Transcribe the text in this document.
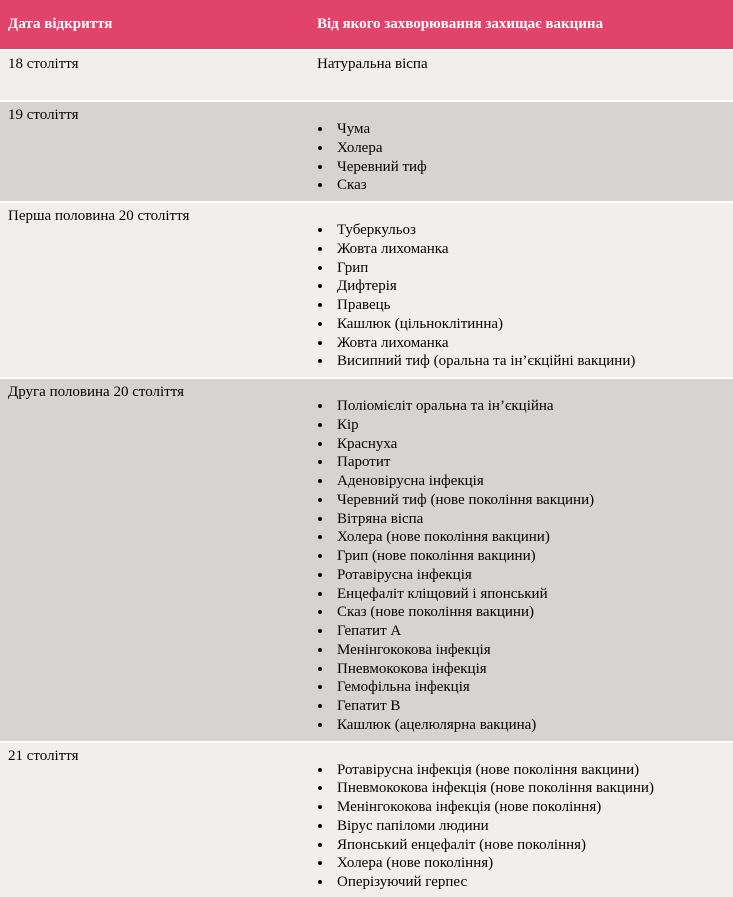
Дата відкриття	Від якого захворювання захищає вакцина

18 століття	Натуральна віспа

19 століття

• Чума
• Холера
• Черевний тиф
• Сказ

Перша половина 20 століття

• Туберкульоз
• Жовта лихоманка
• Грип
• Дифтерія
• Правець
• Кашлюк (цільноклітинна)
• Жовта лихоманка
• Висипний тиф (оральна та ін’єкційні вакцини)

Друга половина 20 століття

• Поліомієліт оральна та ін’єкційна
• Кір
• Краснуха
• Паротит
• Аденовірусна інфекція
• Черевний тиф (нове покоління вакцини)
• Вітряна віспа
• Холера (нове покоління вакцини)
• Грип (нове покоління вакцини)
• Ротавірусна інфекція
• Енцефаліт кліщовий і японський
• Сказ (нове покоління вакцини)
• Гепатит A
• Менінгококова інфекція
• Пневмококова інфекція
• Гемофільна інфекція
• Гепатит B
• Кашлюк (ацелюлярна вакцина)

21 століття

• Ротавірусна інфекція (нове покоління вакцини)
• Пневмококова інфекція (нове покоління вакцини)
• Менінгококова інфекція (нове покоління)
• Вірус папіломи людини
• Японський енцефаліт (нове покоління)
• Холера (нове покоління)
• Оперізуючий герпес
